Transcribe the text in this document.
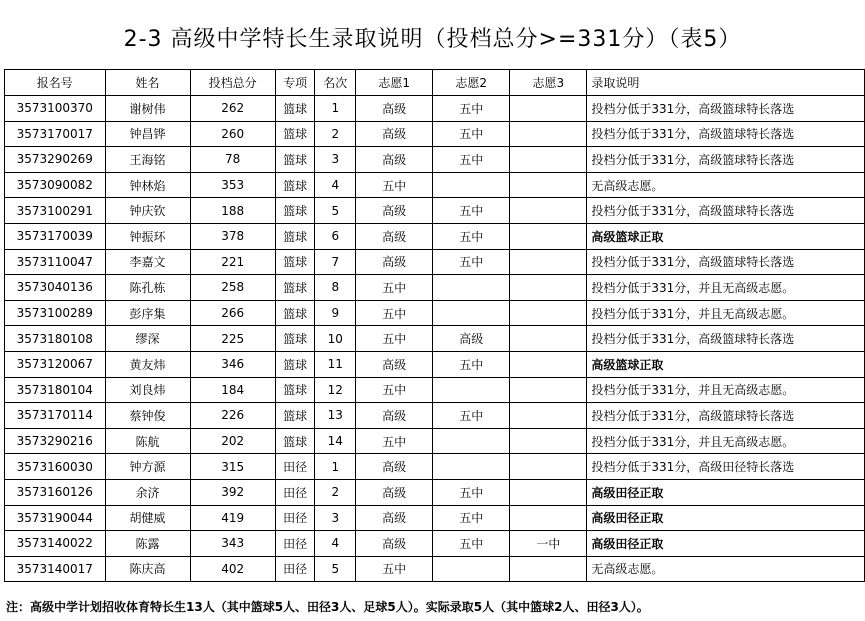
2-3 高级中学特长生录取说明（投档总分>=331分）（表5）
报名号	姓名	投档总分	专项	名次	志愿1	志愿2	志愿3	录取说明
3573100370	谢树伟	262	篮球	1	高级	五中		投档分低于331分，高级篮球特长落选
3573170017	钟昌铧	260	篮球	2	高级	五中		投档分低于331分，高级篮球特长落选
3573290269	王海铭	78	篮球	3	高级	五中		投档分低于331分，高级篮球特长落选
3573090082	钟林焰	353	篮球	4	五中			无高级志愿。
3573100291	钟庆钦	188	篮球	5	高级	五中		投档分低于331分，高级篮球特长落选
3573170039	钟振环	378	篮球	6	高级	五中		高级篮球正取
3573110047	李嘉文	221	篮球	7	高级	五中		投档分低于331分，高级篮球特长落选
3573040136	陈孔栋	258	篮球	8	五中			投档分低于331分，并且无高级志愿。
3573100289	彭序集	266	篮球	9	五中			投档分低于331分，并且无高级志愿。
3573180108	缪深	225	篮球	10	五中	高级		投档分低于331分，高级篮球特长落选
3573120067	黄友炜	346	篮球	11	高级	五中		高级篮球正取
3573180104	刘良炜	184	篮球	12	五中			投档分低于331分，并且无高级志愿。
3573170114	蔡钟俊	226	篮球	13	高级	五中		投档分低于331分，高级篮球特长落选
3573290216	陈航	202	篮球	14	五中			投档分低于331分，并且无高级志愿。
3573160030	钟方源	315	田径	1	高级			投档分低于331分，高级田径特长落选
3573160126	余济	392	田径	2	高级	五中		高级田径正取
3573190044	胡健威	419	田径	3	高级	五中		高级田径正取
3573140022	陈露	343	田径	4	高级	五中	一中	高级田径正取
3573140017	陈庆高	402	田径	5	五中			无高级志愿。
注：高级中学计划招收体育特长生13人（其中篮球5人、田径3人、足球5人）。实际录取5人（其中篮球2人、田径3人）。
